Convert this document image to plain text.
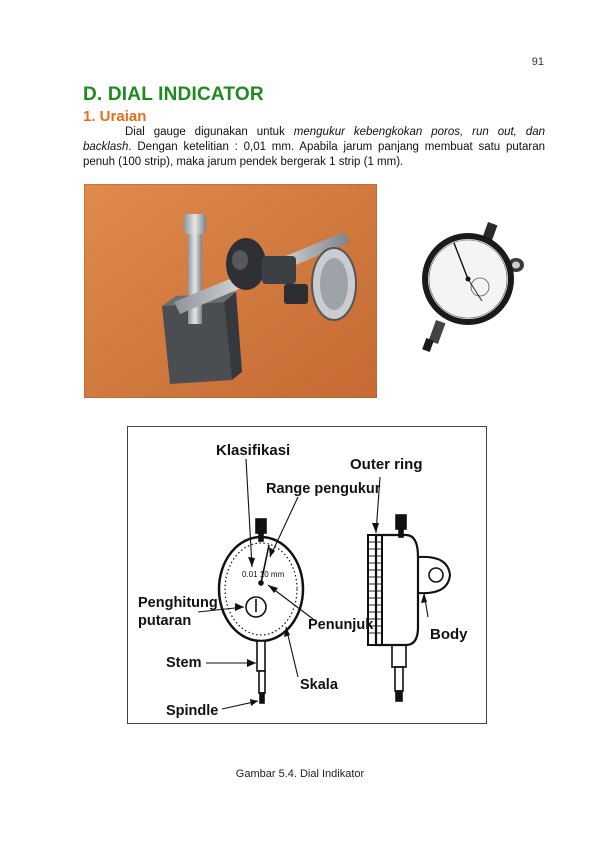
91
D. DIAL INDICATOR
1. Uraian
Dial gauge digunakan untuk mengukur kebengkokan poros, run out, dan backlash. Dengan ketelitian : 0,01 mm. Apabila jarum panjang membuat satu putaran penuh (100 strip), maka jarum pendek bergerak 1 strip (1 mm).
Klasifikasi
Range pengukur
Outer ring
0.01 10 mm
Penghitung
putaran	Penunjuk
Body
Stem
Skala
Spindle
Gambar 5.4. Dial Indikator
